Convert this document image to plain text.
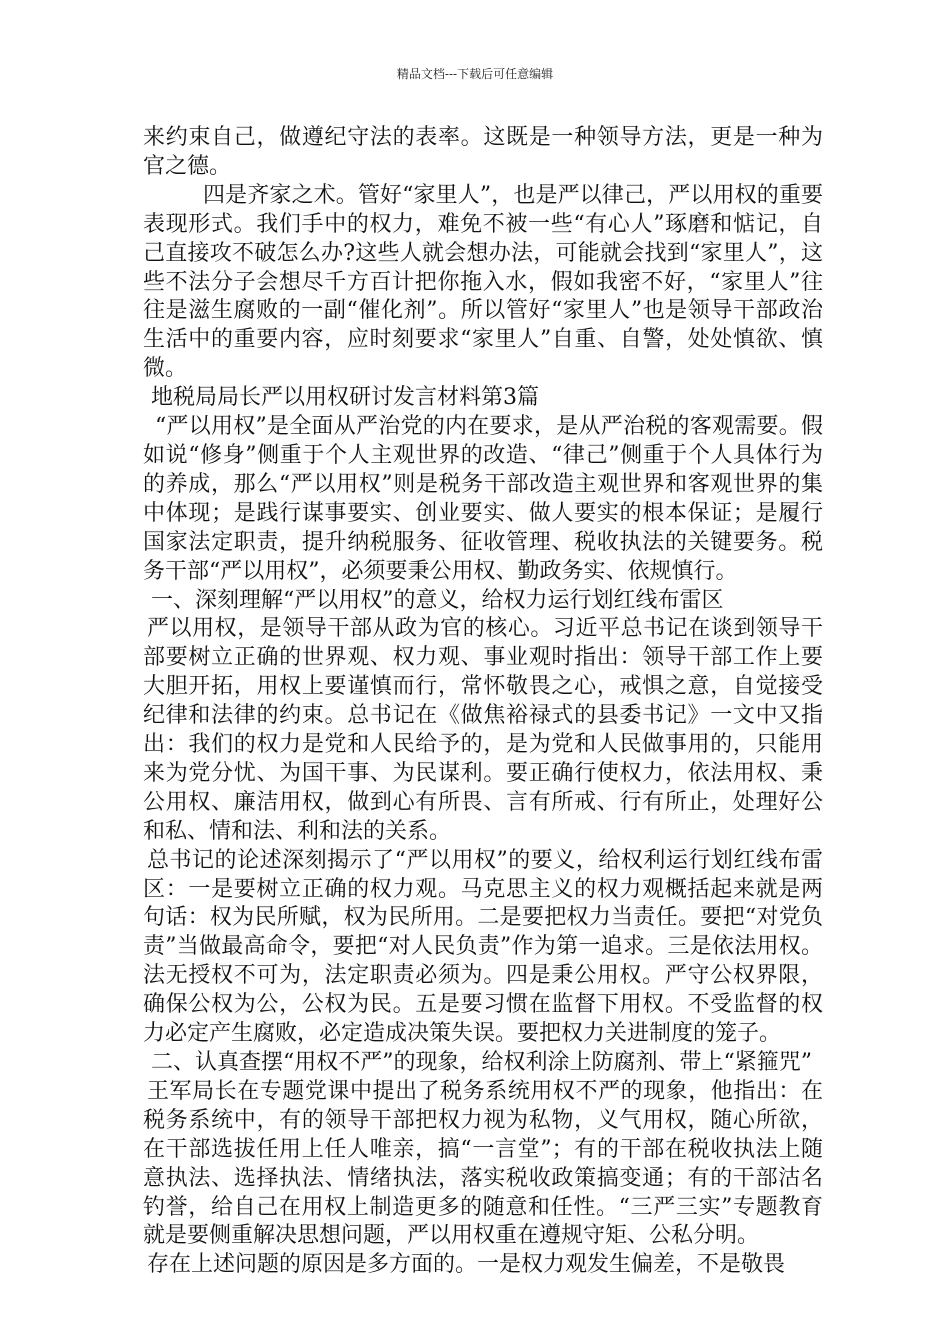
精品文档---下载后可任意编辑

来约束自己，做遵纪守法的表率。这既是一种领导方法，更是一种为官之德。

四是齐家之术。管好“家里人”，也是严以律己，严以用权的重要表现形式。我们手中的权力，难免不被一些“有心人”琢磨和惦记，自己直接攻不破怎么办?这些人就会想办法，可能就会找到“家里人”，这些不法分子会想尽千方百计把你拖入水，假如我密不好，“家里人”往往是滋生腐败的一副“催化剂”。所以管好“家里人”也是领导干部政治生活中的重要内容，应时刻要求“家里人”自重、自警，处处慎欲、慎微。

地税局局长严以用权研讨发言材料第3篇

“严以用权”是全面从严治党的内在要求，是从严治税的客观需要。假如说“修身”侧重于个人主观世界的改造、“律己”侧重于个人具体行为的养成，那么“严以用权”则是税务干部改造主观世界和客观世界的集中体现；是践行谋事要实、创业要实、做人要实的根本保证；是履行国家法定职责，提升纳税服务、征收管理、税收执法的关键要务。税务干部“严以用权”，必须要秉公用权、勤政务实、依规慎行。

一、深刻理解“严以用权”的意义，给权力运行划红线布雷区

严以用权，是领导干部从政为官的核心。习近平总书记在谈到领导干部要树立正确的世界观、权力观、事业观时指出：领导干部工作上要大胆开拓，用权上要谨慎而行，常怀敬畏之心，戒惧之意，自觉接受纪律和法律的约束。总书记在《做焦裕禄式的县委书记》一文中又指出：我们的权力是党和人民给予的，是为党和人民做事用的，只能用来为党分忧、为国干事、为民谋利。要正确行使权力，依法用权、秉公用权、廉洁用权，做到心有所畏、言有所戒、行有所止，处理好公和私、情和法、利和法的关系。

总书记的论述深刻揭示了“严以用权”的要义，给权利运行划红线布雷区：一是要树立正确的权力观。马克思主义的权力观概括起来就是两句话：权为民所赋，权为民所用。二是要把权力当责任。要把“对党负责”当做最高命令，要把“对人民负责”作为第一追求。三是依法用权。法无授权不可为，法定职责必须为。四是秉公用权。严守公权界限，确保公权为公，公权为民。五是要习惯在监督下用权。不受监督的权力必定产生腐败，必定造成决策失误。要把权力关进制度的笼子。

二、认真查摆“用权不严”的现象，给权利涂上防腐剂、带上“紧箍咒”

王军局长在专题党课中提出了税务系统用权不严的现象，他指出：在税务系统中，有的领导干部把权力视为私物，义气用权，随心所欲，在干部选拔任用上任人唯亲，搞“一言堂”；有的干部在税收执法上随意执法、选择执法、情绪执法，落实税收政策搞变通；有的干部沽名钓誉，给自己在用权上制造更多的随意和任性。“三严三实”专题教育就是要侧重解决思想问题，严以用权重在遵规守矩、公私分明。

存在上述问题的原因是多方面的。一是权力观发生偏差，不是敬畏
